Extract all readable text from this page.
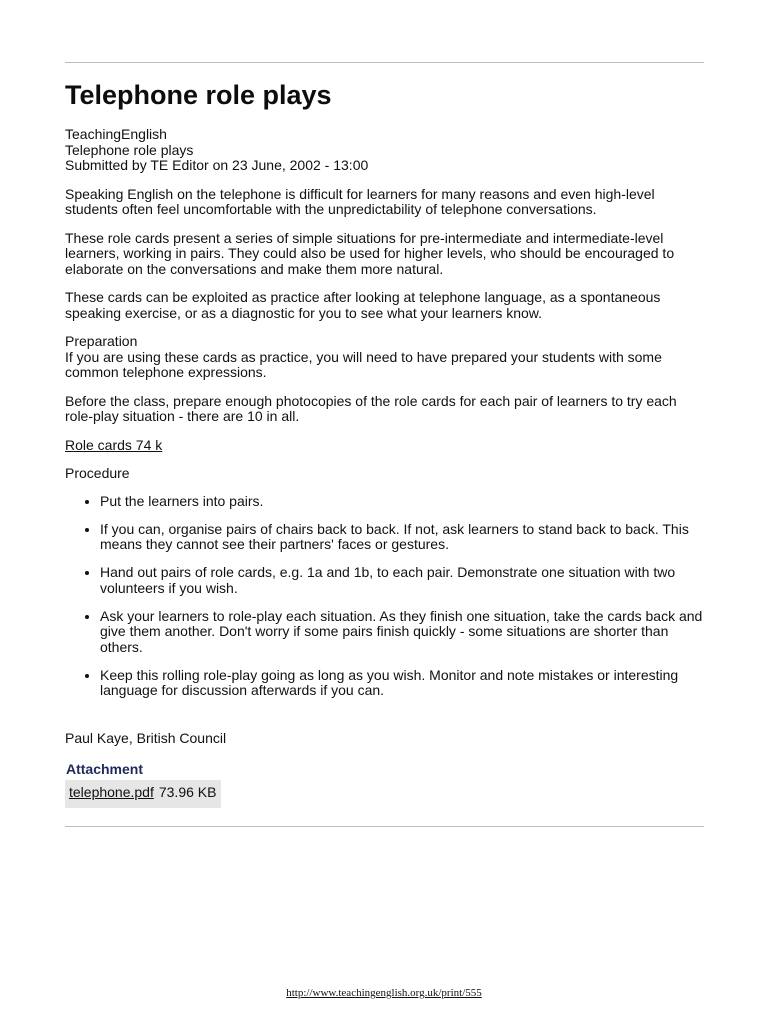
Telephone role plays
TeachingEnglish
Telephone role plays
Submitted by TE Editor on 23 June, 2002 - 13:00

Speaking English on the telephone is difficult for learners for many reasons and even high-level students often feel uncomfortable with the unpredictability of telephone conversations.

These role cards present a series of simple situations for pre-intermediate and intermediate-level learners, working in pairs. They could also be used for higher levels, who should be encouraged to elaborate on the conversations and make them more natural.

These cards can be exploited as practice after looking at telephone language, as a spontaneous speaking exercise, or as a diagnostic for you to see what your learners know.

Preparation
If you are using these cards as practice, you will need to have prepared your students with some common telephone expressions.

Before the class, prepare enough photocopies of the role cards for each pair of learners to try each role-play situation - there are 10 in all.

Role cards 74 k

Procedure

• Put the learners into pairs.
• If you can, organise pairs of chairs back to back. If not, ask learners to stand back to back. This means they cannot see their partners' faces or gestures.
• Hand out pairs of role cards, e.g. 1a and 1b, to each pair. Demonstrate one situation with two volunteers if you wish.
• Ask your learners to role-play each situation. As they finish one situation, take the cards back and give them another. Don't worry if some pairs finish quickly - some situations are shorter than others.
• Keep this rolling role-play going as long as you wish. Monitor and note mistakes or interesting language for discussion afterwards if you can.

Paul Kaye, British Council

Attachment
telephone.pdf 73.96 KB
http://www.teachingenglish.org.uk/print/555
